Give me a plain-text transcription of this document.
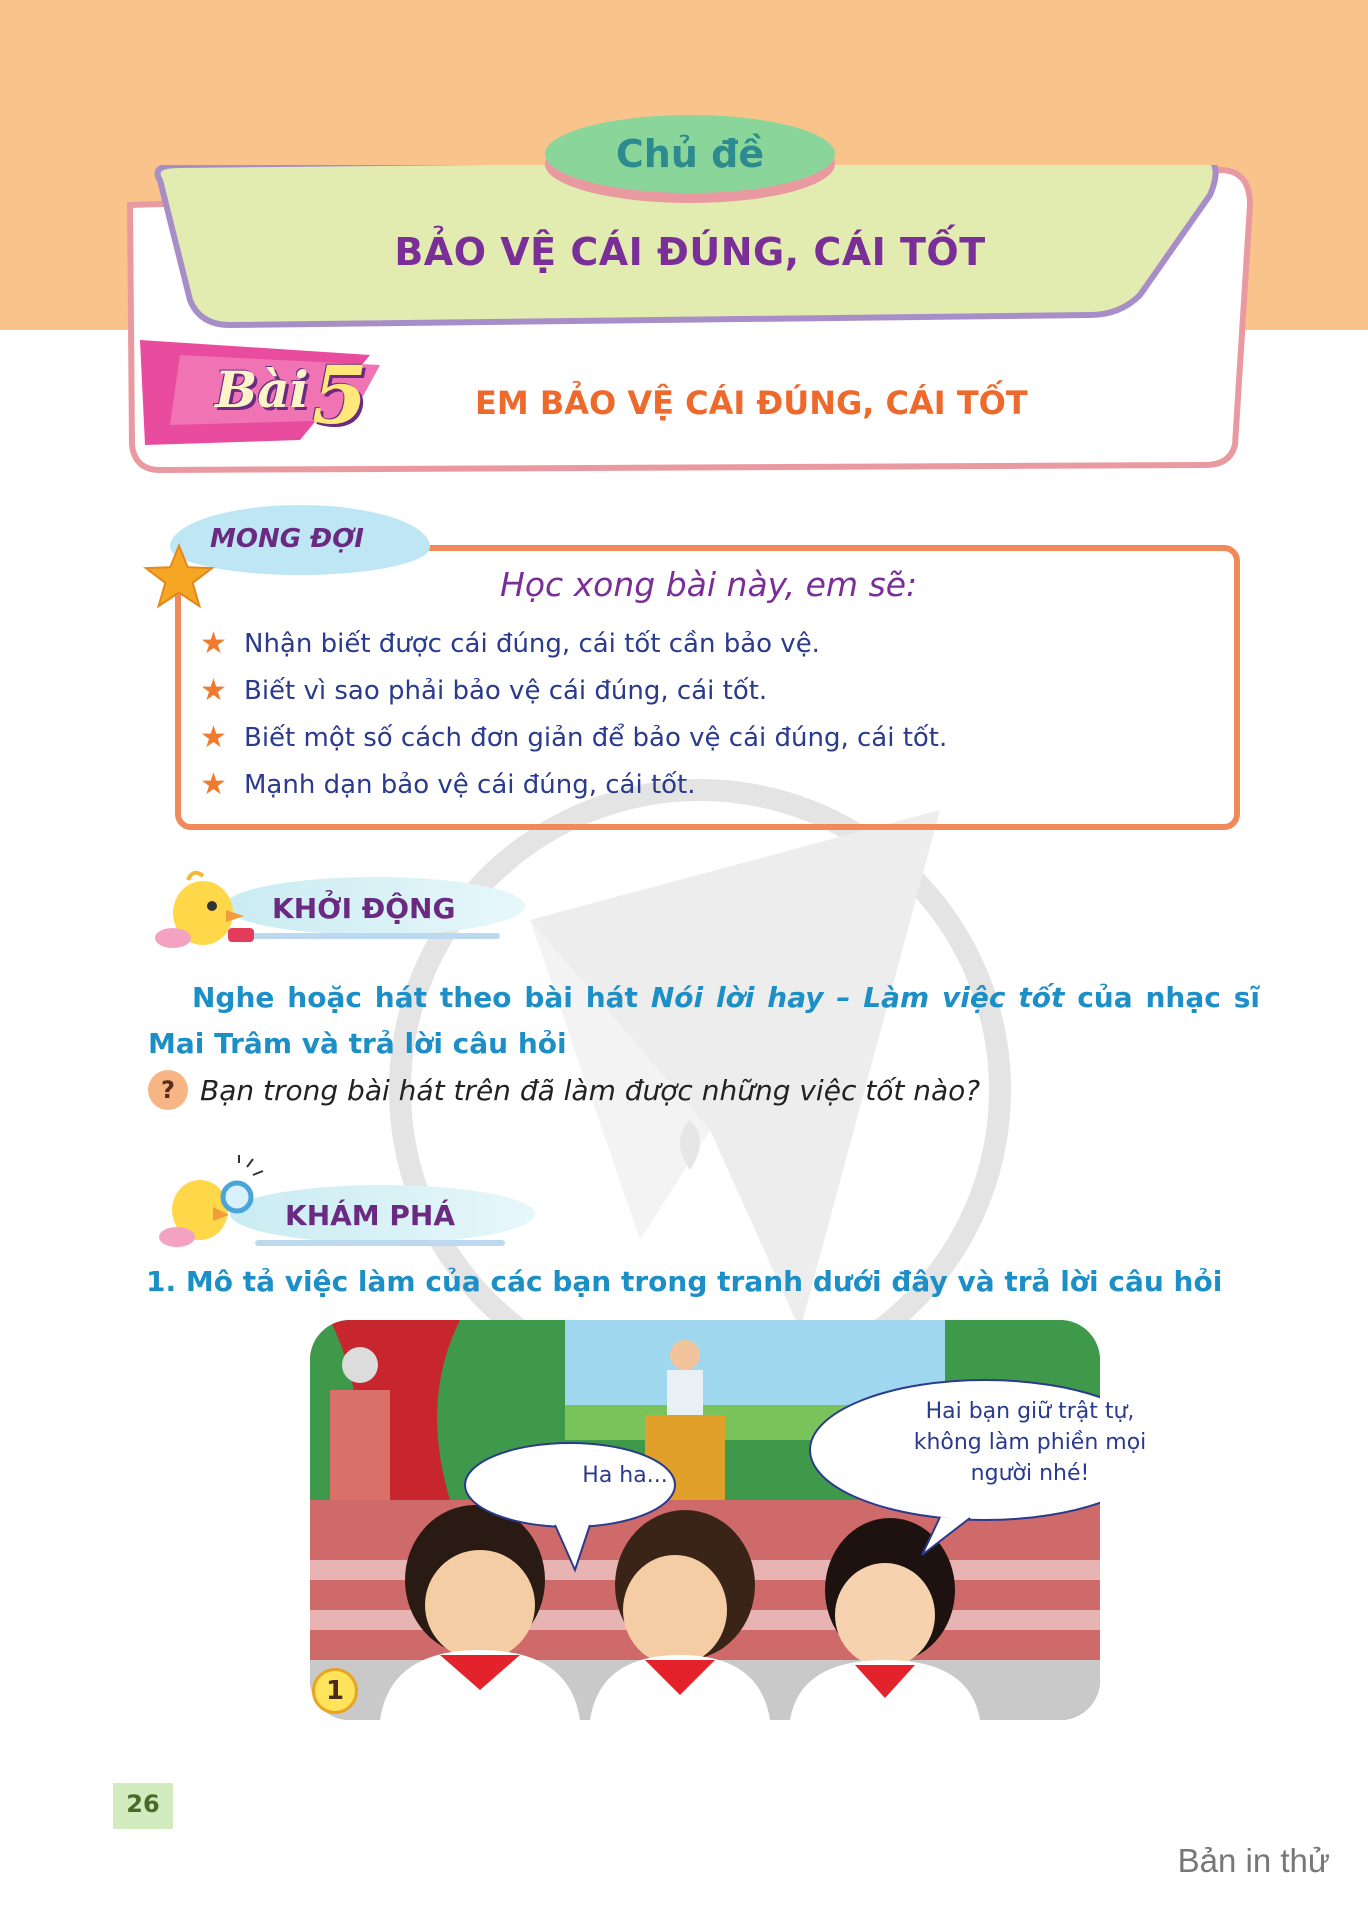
Chủ đề
BẢO VỆ CÁI ĐÚNG, CÁI TỐT
Bài 5	EM BẢO VỆ CÁI ĐÚNG, CÁI TỐT
MONG ĐỢI
Học xong bài này, em sẽ:
★ Nhận biết được cái đúng, cái tốt cần bảo vệ.
★ Biết vì sao phải bảo vệ cái đúng, cái tốt.
★ Biết một số cách đơn giản để bảo vệ cái đúng, cái tốt.
★ Mạnh dạn bảo vệ cái đúng, cái tốt.
KHỞI ĐỘNG

Nghe hoặc hát theo bài hát Nói lời hay – Làm việc tốt của nhạc sĩ Mai Trâm và trả lời câu hỏi

? Bạn trong bài hát trên đã làm được những việc tốt nào?
KHÁM PHÁ
1. Mô tả việc làm của các bạn trong tranh dưới đây và trả lời câu hỏi
Ha ha...
Hai bạn giữ trật tự,
không làm phiền mọi
người nhé!
1
26
Bản in thử
